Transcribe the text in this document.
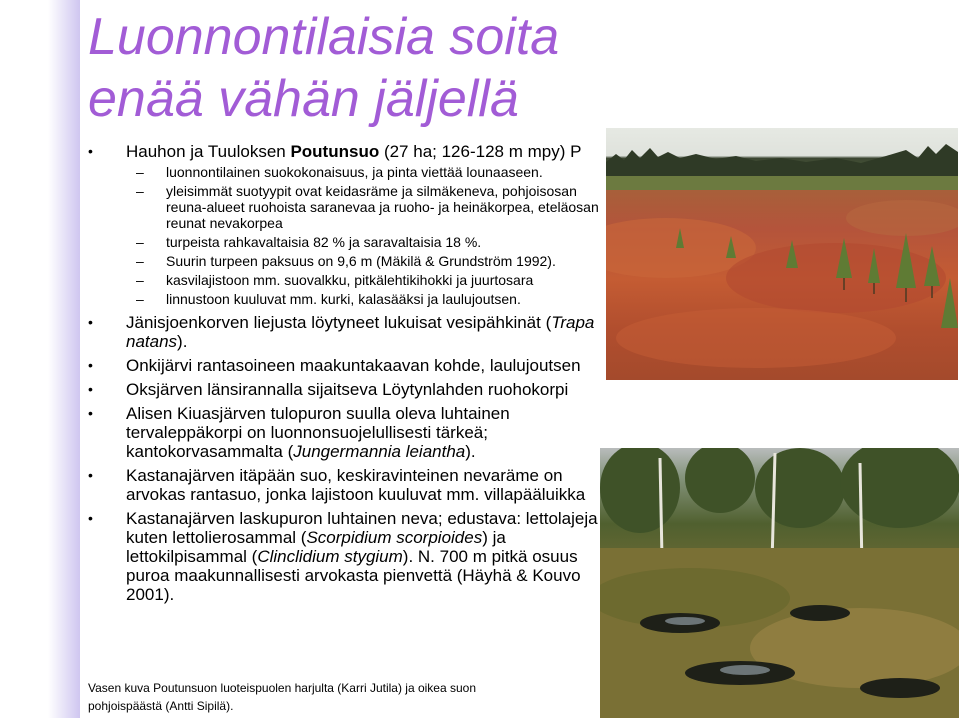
Luonnontilaisia soita
enää vähän jäljellä
• Hauhon ja Tuuloksen Poutunsuo (27 ha; 126-128 m mpy) P
– luonnontilainen suokokonaisuus, ja pinta viettää lounaaseen.
– yleisimmät suotyypit ovat keidasräme ja silmäkeneva, pohjoisosan reuna-alueet ruohoista saranevaa ja ruoho- ja heinäkorpea, eteläosan reunat nevakorpea
– turpeista rahkavaltaisia 82 % ja saravaltaisia 18 %.
– Suurin turpeen paksuus on 9,6 m (Mäkilä & Grundström 1992).
– kasvilajistoon mm. suovalkku, pitkälehtikihokki ja juurtosara
– linnustoon kuuluvat mm. kurki, kalasääksi ja laulujoutsen.
• Jänisjoenkorven liejusta löytyneet lukuisat vesipähkinät (Trapa natans).
• Onkijärvi rantasoineen maakuntakaavan kohde, laulujoutsen
• Oksjärven länsirannalla sijaitseva Löytynlahden ruohokorpi
• Alisen Kiuasjärven tulopuron suulla oleva luhtainen tervaleppäkorpi on luonnonsuojelullisesti tärkeä; kantokorvasammalta (Jungermannia leiantha).
• Kastanajärven itäpään suo, keskiravinteinen nevaräme on arvokas rantasuo, jonka lajistoon kuuluvat mm. villapääluikka
• Kastanajärven laskupuron luhtainen neva; edustava: lettolajeja kuten lettolierosammal (Scorpidium scorpioides) ja lettokilpisammal (Clinclidium stygium). N. 700 m pitkä osuus puroa maakunnallisesti arvokasta pienvettä (Häyhä & Kouvo 2001).
Vasen kuva Poutunsuon luoteispuolen harjulta (Karri Jutila) ja oikea suon pohjoispäästä (Antti Sipilä).
